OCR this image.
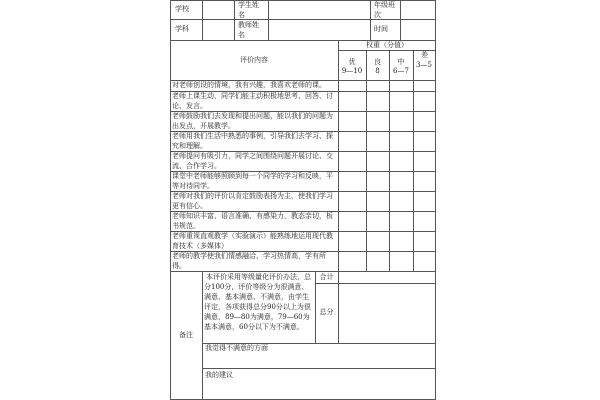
学校	学生姓名
年级班次
学科	教师姓名
时间
评价内容
权重（分值）
优
9—10
良
8
中
6—7
差
3—5
对老师创设的情境，我有兴趣，我喜欢老师的课。
老师上课生动，同学们能主动积极地思考、回答、讨论、发言。
老师鼓励我们去发现和提出问题，能以我们的问题为出发点，开展教学。
老师用我们生活中熟悉的事例，引导我们去学习、探究和理解。
老师提问有吸引力，同学之间围绕问题开展讨论、交流、合作学习。
课堂中老师能够照顾到每一个同学的学习和反映，平等对待同学。
老师对我们的评价以肯定鼓励表扬为主，使我们学习更有信心。
老师知识丰富、语言准确、有感染力，教态亲切，板书规范。
老师重视直观教学（实验演示）能熟练地运用现代教育技术（多媒体）
老师的教学使我们情感融洽、学习热情高，学有所得。
备注
本评价采用等级量化评价办法，总分100分，评价等级分为很满意、满意、基本满意、不满意，由学生评定，各项获得总分90分以上为很满意，89—80为满意，79—60为基本满意，60分以下为不满意。
合计
总分
我觉得不满意的方面
我的建议
